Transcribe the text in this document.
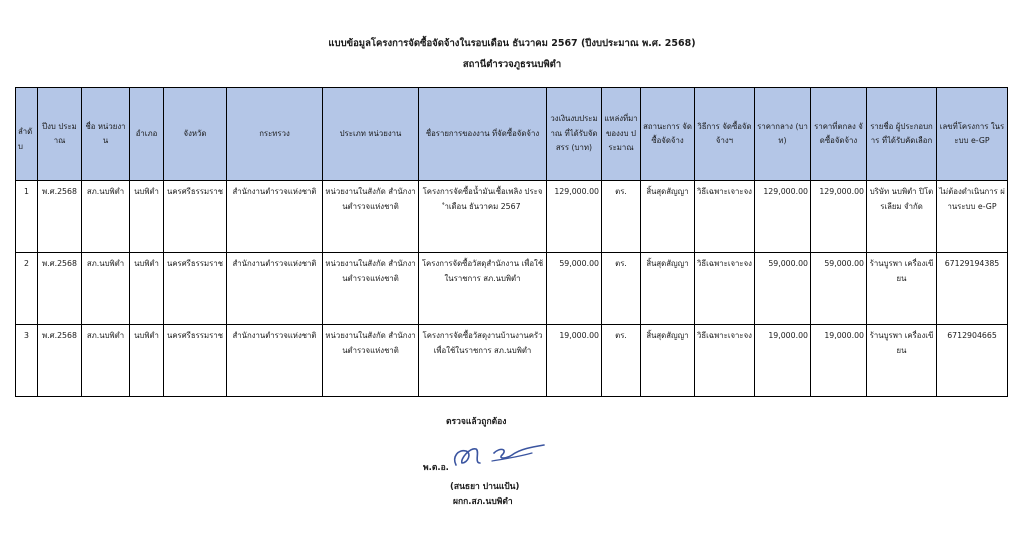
แบบข้อมูลโครงการจัดซื้อจัดจ้างในรอบเดือน ธันวาคม 2567 (ปีงบประมาณ พ.ศ. 2568)
สถานีตำรวจภูธรนบพิตำ
ลำดับ	ปีงบ ประมาณ	ชื่อ หน่วยงาน	อำเภอ	จังหวัด	กระทรวง	ประเภท หน่วยงาน	ชื่อรายการของงาน ที่จัดซื้อจัดจ้าง	วงเงินงบประมาณ ที่ได้รับจัดสรร (บาท)	แหล่งที่มา ของงบ ประมาณ	สถานะการ จัดซื้อจัดจ้าง	วิธีการ จัดซื้อจัดจ้างฯ	ราคากลาง (บาท)	ราคาที่ตกลง จัดซื้อจัดจ้าง	รายชื่อ ผู้ประกอบการ ที่ได้รับคัดเลือก	เลขที่โครงการ ในระบบ e-GP
1	พ.ศ.2568	สภ.นบพิตำ	นบพิตำ	นครศรีธรรมราช	สำนักงานตำรวจแห่งชาติ	หน่วยงานในสังกัด สำนักงานตำรวจแห่งชาติ	โครงการจัดซื้อน้ำมันเชื้อเพลิง ประจำเดือน ธันวาคม 2567	129,000.00	ตร.	สิ้นสุดสัญญา	วิธีเฉพาะเจาะจง	129,000.00	129,000.00	บริษัท นบพิตำ ปิโตรเลียม จำกัด	ไม่ต้องดำเนินการ ผ่านระบบ e-GP
2	พ.ศ.2568	สภ.นบพิตำ	นบพิตำ	นครศรีธรรมราช	สำนักงานตำรวจแห่งชาติ	หน่วยงานในสังกัด สำนักงานตำรวจแห่งชาติ	โครงการจัดซื้อวัสดุสำนักงาน เพื่อใช้ในราชการ สภ.นบพิตำ	59,000.00	ตร.	สิ้นสุดสัญญา	วิธีเฉพาะเจาะจง	59,000.00	59,000.00	ร้านบูรพา เครื่องเขียน	67129194385
3	พ.ศ.2568	สภ.นบพิตำ	นบพิตำ	นครศรีธรรมราช	สำนักงานตำรวจแห่งชาติ	หน่วยงานในสังกัด สำนักงานตำรวจแห่งชาติ	โครงการจัดซื้อวัสดุงานบ้านงานครัว เพื่อใช้ในราชการ สภ.นบพิตำ	19,000.00	ตร.	สิ้นสุดสัญญา	วิธีเฉพาะเจาะจง	19,000.00	19,000.00	ร้านบูรพา เครื่องเขียน	6712904665
ตรวจแล้วถูกต้อง
พ.ต.อ.
(สนธยา ปานแป้น)
ผกก.สภ.นบพิตำ
